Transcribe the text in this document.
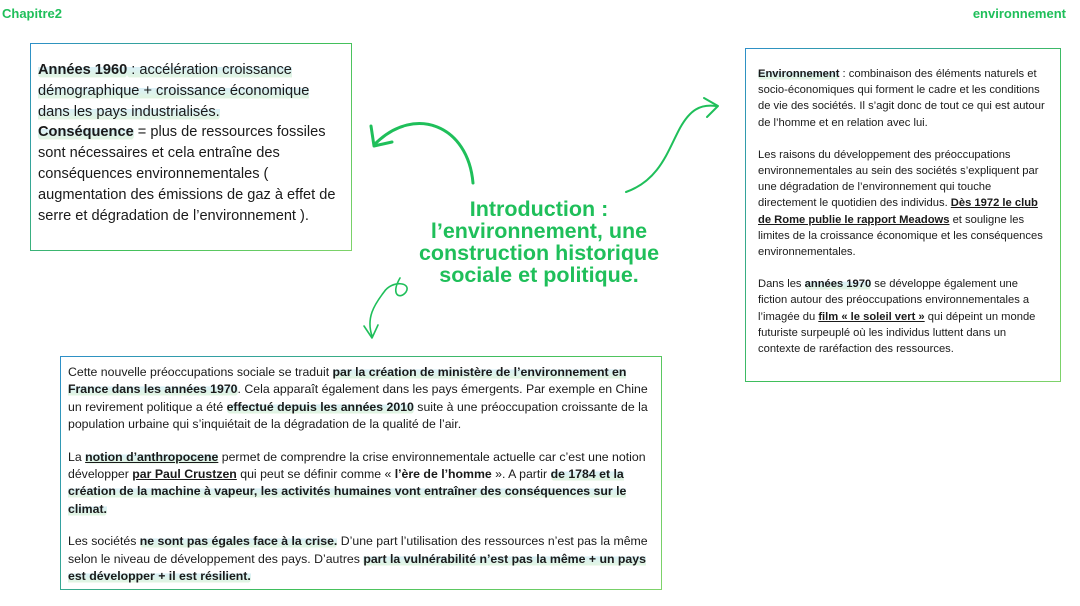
Chapitre2	environnement
Années 1960 : accélération croissance démographique + croissance économique dans les pays industrialisés.
Conséquence = plus de ressources fossiles sont nécessaires et cela entraîne des conséquences environnementales ( augmentation des émissions de gaz à effet de serre et dégradation de l’environnement ).

Environnement : combinaison des éléments naturels et socio-économiques qui forment le cadre et les conditions de vie des sociétés. Il s’agit donc de tout ce qui est autour de l’homme et en relation avec lui.

Les raisons du développement des préoccupations environnementales au sein des sociétés s’expliquent par une dégradation de l’environnement qui touche directement le quotidien des individus. Dès 1972 le club de Rome publie le rapport Meadows et souligne les limites de la croissance économique et les conséquences environnementales.

Dans les années 1970 se développe également une fiction autour des préoccupations environnementales a l’imagée du film « le soleil vert » qui dépeint un monde futuriste surpeuplé où les individus luttent dans un contexte de raréfaction des ressources.

Cette nouvelle préoccupations sociale se traduit par la création de ministère de l’environnement en France dans les années 1970. Cela apparaît également dans les pays émergents. Par exemple en Chine un revirement politique a été effectué depuis les années 2010 suite à une préoccupation croissante de la population urbaine qui s’inquiétait de la dégradation de la qualité de l’air.

La notion d’anthropocene permet de comprendre la crise environnementale actuelle car c’est une notion développer par Paul Crustzen qui peut se définir comme « l’ère de l’homme ». A partir de 1784 et la création de la machine à vapeur, les activités humaines vont entraîner des conséquences sur le climat.

Les sociétés ne sont pas égales face à la crise. D’une part l’utilisation des ressources n’est pas la même selon le niveau de développement des pays. D’autres part la vulnérabilité n’est pas la même + un pays est développer + il est résilient.

Introduction : l’environnement, une construction historique sociale et politique.
